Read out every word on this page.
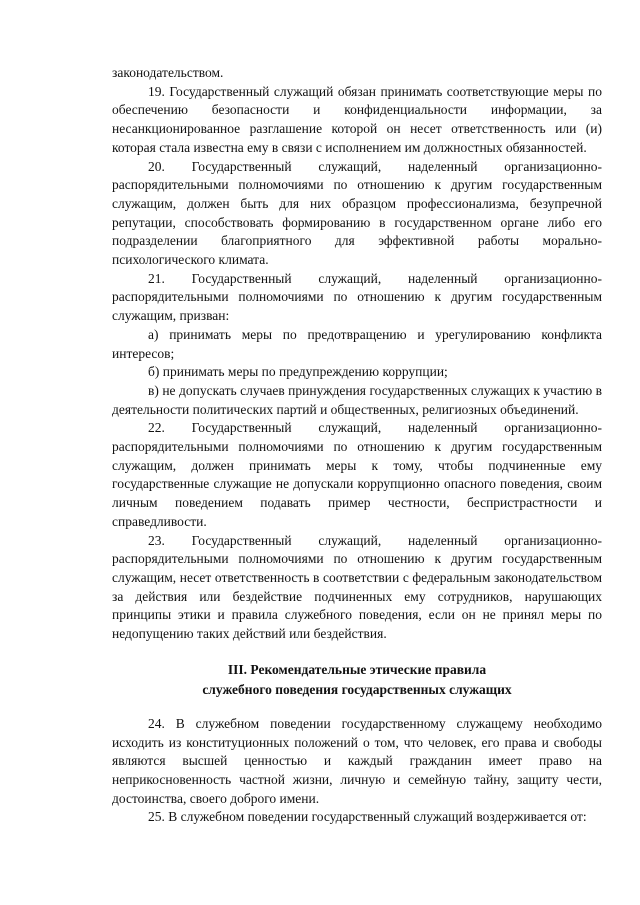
законодательством.

19. Государственный служащий обязан принимать соответствующие меры по обеспечению безопасности и конфиденциальности информации, за несанкционированное разглашение которой он несет ответственность или (и) которая стала известна ему в связи с исполнением им должностных обязанностей.

20. Государственный служащий, наделенный организационно-распорядительными полномочиями по отношению к другим государственным служащим, должен быть для них образцом профессионализма, безупречной репутации, способствовать формированию в государственном органе либо его подразделении благоприятного для эффективной работы морально-психологического климата.

21. Государственный служащий, наделенный организационно-распорядительными полномочиями по отношению к другим государственным служащим, призван:

а) принимать меры по предотвращению и урегулированию конфликта интересов;

б) принимать меры по предупреждению коррупции;

в) не допускать случаев принуждения государственных служащих к участию в деятельности политических партий и общественных, религиозных объединений.

22. Государственный служащий, наделенный организационно-распорядительными полномочиями по отношению к другим государственным служащим, должен принимать меры к тому, чтобы подчиненные ему государственные служащие не допускали коррупционно опасного поведения, своим личным поведением подавать пример честности, беспристрастности и справедливости.

23. Государственный служащий, наделенный организационно-распорядительными полномочиями по отношению к другим государственным служащим, несет ответственность в соответствии с федеральным законодательством за действия или бездействие подчиненных ему сотрудников, нарушающих принципы этики и правила служебного поведения, если он не принял меры по недопущению таких действий или бездействия.

III. Рекомендательные этические правила
служебного поведения государственных служащих

24. В служебном поведении государственному служащему необходимо исходить из конституционных положений о том, что человек, его права и свободы являются высшей ценностью и каждый гражданин имеет право на неприкосновенность частной жизни, личную и семейную тайну, защиту чести, достоинства, своего доброго имени.

25. В служебном поведении государственный служащий воздерживается от:
